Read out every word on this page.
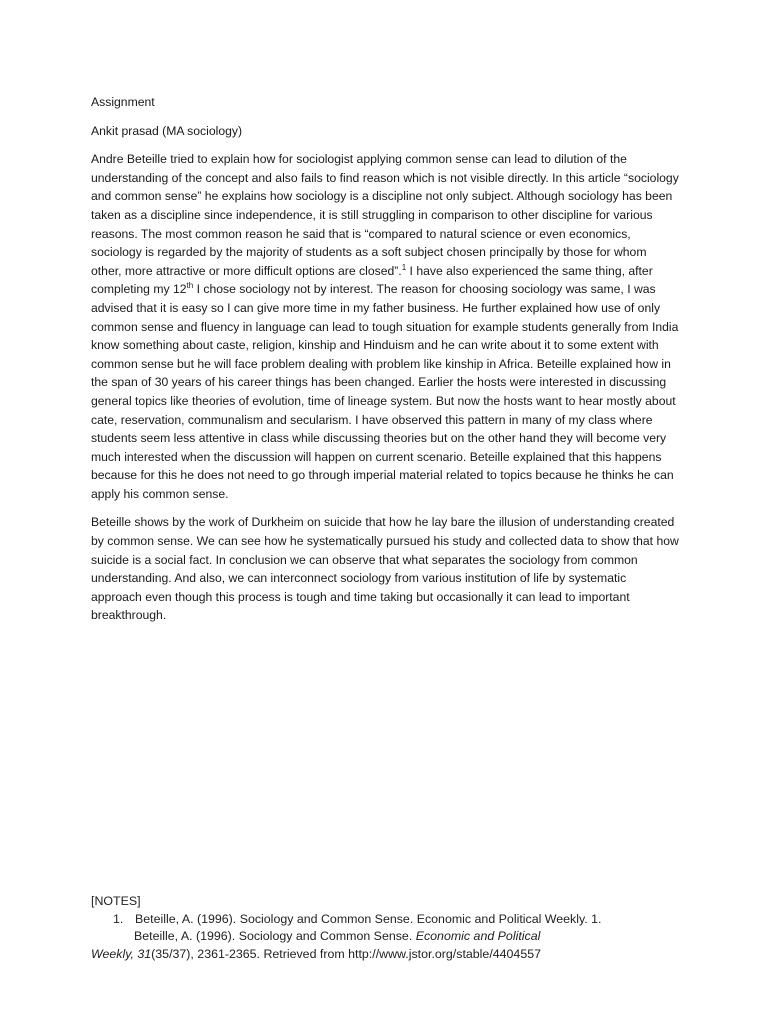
Assignment

Ankit prasad (MA sociology)

Andre Beteille tried to explain how for sociologist applying common sense can lead to dilution of the understanding of the concept and also fails to find reason which is not visible directly. In this article “sociology and common sense” he explains how sociology is a discipline not only subject. Although sociology has been taken as a discipline since independence, it is still struggling in comparison to other discipline for various reasons. The most common reason he said that is “compared to natural science or even economics, sociology is regarded by the majority of students as a soft subject chosen principally by those for whom other, more attractive or more difficult options are closed”.$^1$ I have also experienced the same thing, after completing my 12th I chose sociology not by interest. The reason for choosing sociology was same, I was advised that it is easy so I can give more time in my father business. He further explained how use of only common sense and fluency in language can lead to tough situation for example students generally from India know something about caste, religion, kinship and Hinduism and he can write about it to some extent with common sense but he will face problem dealing with problem like kinship in Africa. Beteille explained how in the span of 30 years of his career things has been changed. Earlier the hosts were interested in discussing general topics like theories of evolution, time of lineage system. But now the hosts want to hear mostly about cate, reservation, communalism and secularism. I have observed this pattern in many of my class where students seem less attentive in class while discussing theories but on the other hand they will become very much interested when the discussion will happen on current scenario. Beteille explained that this happens because for this he does not need to go through imperial material related to topics because he thinks he can apply his common sense.

Beteille shows by the work of Durkheim on suicide that how he lay bare the illusion of understanding created by common sense. We can see how he systematically pursued his study and collected data to show that how suicide is a social fact. In conclusion we can observe that what separates the sociology from common understanding. And also, we can interconnect sociology from various institution of life by systematic approach even though this process is tough and time taking but occasionally it can lead to important breakthrough.

[NOTES]
1. Beteille, A. (1996). Sociology and Common Sense. Economic and Political Weekly. 1.
Beteille, A. (1996). Sociology and Common Sense. Economic and Political
Weekly, 31(35/37), 2361-2365. Retrieved from http://www.jstor.org/stable/4404557
